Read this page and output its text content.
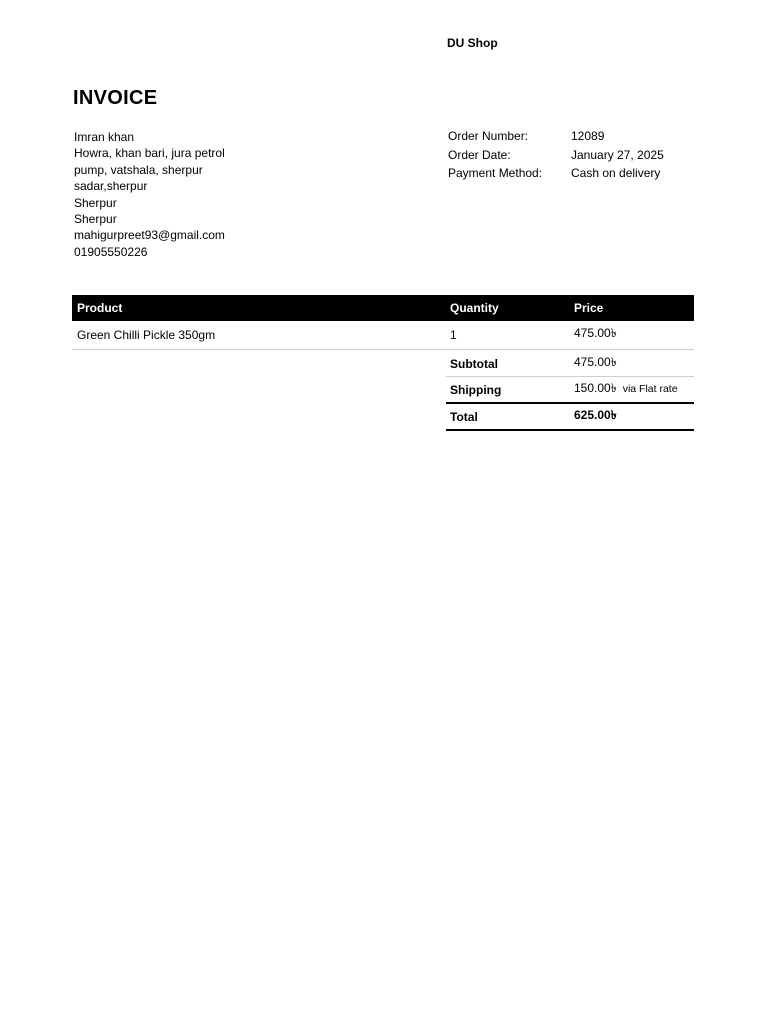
DU Shop
INVOICE
Imran khan
Howra, khan bari, jura petrol pump, vatshala, sherpur sadar,sherpur
Sherpur
Sherpur
mahigurpreet93@gmail.com
01905550226
Order Number:	12089
Order Date:	January 27, 2025
Payment Method:	Cash on delivery
Product	Quantity	Price
Green Chilli Pickle 350gm	1	475.00৳
Subtotal	475.00৳
Shipping	150.00৳ via Flat rate
Total	625.00৳
